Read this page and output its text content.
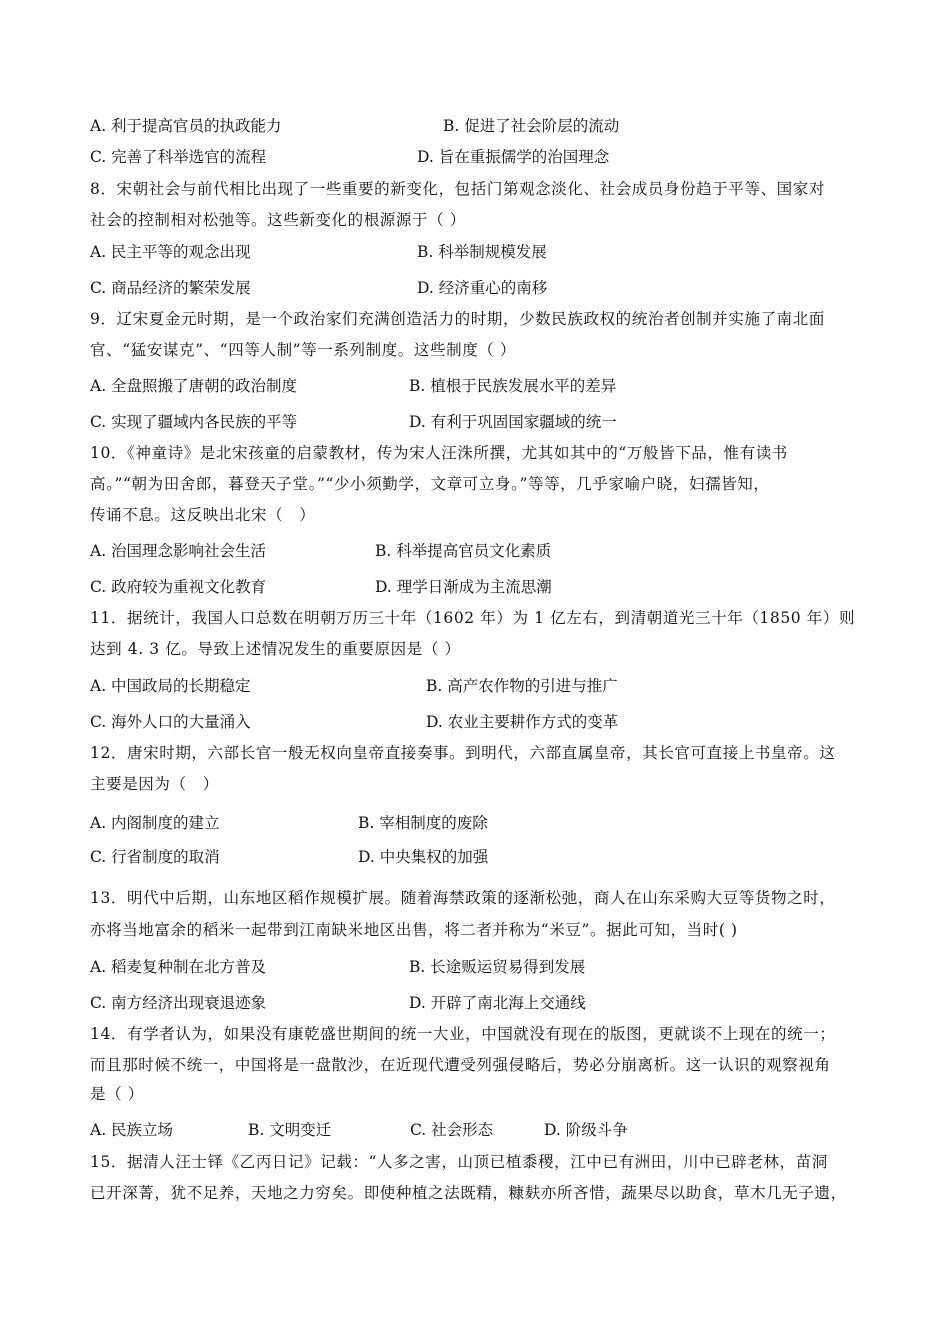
A. 利于提高官员的执政能力	B. 促进了社会阶层的流动
C. 完善了科举选官的流程	D. 旨在重振儒学的治国理念
8．宋朝社会与前代相比出现了一些重要的新变化，包括门第观念淡化、社会成员身份趋于平等、国家对
社会的控制相对松弛等。这些新变化的根源源于（ ）
A. 民主平等的观念出现	B. 科举制规模发展
C. 商品经济的繁荣发展	D. 经济重心的南移
9．辽宋夏金元时期，是一个政治家们充满创造活力的时期，少数民族政权的统治者创制并实施了南北面
官、“猛安谋克”、“四等人制”等一系列制度。这些制度（ ）
A. 全盘照搬了唐朝的政治制度	B. 植根于民族发展水平的差异
C. 实现了疆域内各民族的平等	D. 有利于巩固国家疆域的统一
10．《神童诗》是北宋孩童的启蒙教材，传为宋人汪洙所撰，尤其如其中的“万般皆下品，惟有读书
高。”“朝为田舍郎，暮登天子堂。”“少小须勤学，文章可立身。”等等，几乎家喻户晓，妇孺皆知，
传诵不息。这反映出北宋（　）
A. 治国理念影响社会生活	B. 科举提高官员文化素质
C. 政府较为重视文化教育	D. 理学日渐成为主流思潮
11．据统计，我国人口总数在明朝万历三十年（1602 年）为 1 亿左右，到清朝道光三十年（1850 年）则
达到 4. 3 亿。导致上述情况发生的重要原因是（ ）
A. 中国政局的长期稳定	B. 高产农作物的引进与推广
C. 海外人口的大量涌入	D. 农业主要耕作方式的变革
12．唐宋时期，六部长官一般无权向皇帝直接奏事。到明代，六部直属皇帝，其长官可直接上书皇帝。这
主要是因为（　）
A. 内阁制度的建立	B. 宰相制度的废除
C. 行省制度的取消	D. 中央集权的加强
13．明代中后期，山东地区稻作规模扩展。随着海禁政策的逐渐松弛，商人在山东采购大豆等货物之时，
亦将当地富余的稻米一起带到江南缺米地区出售，将二者并称为“米豆”。据此可知，当时( )
A. 稻麦复种制在北方普及	B. 长途贩运贸易得到发展
C. 南方经济出现衰退迹象	D. 开辟了南北海上交通线
14．有学者认为，如果没有康乾盛世期间的统一大业，中国就没有现在的版图，更就谈不上现在的统一；
而且那时候不统一，中国将是一盘散沙，在近现代遭受列强侵略后，势必分崩离析。这一认识的观察视角
是（ ）
A. 民族立场	B. 文明变迁	C. 社会形态	D. 阶级斗争
15．据清人汪士铎《乙丙日记》记载：“人多之害，山顶已植黍稷，江中已有洲田，川中已辟老林，苗洞
已开深菁，犹不足养，天地之力穷矣。即使种植之法既精，糠麸亦所吝惜，蔬果尽以助食，草木几无子遗，
